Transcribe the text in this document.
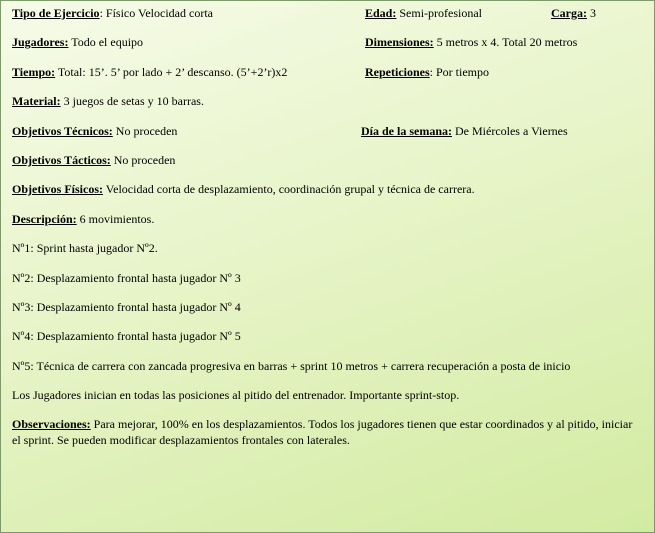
Tipo de Ejercicio: Físico Velocidad corta	Edad: Semi-profesional	Carga: 3
Jugadores: Todo el equipo	Dimensiones: 5 metros x 4. Total 20 metros
Tiempo: Total: 15’. 5’ por lado + 2’ descanso. (5’+2’r)x2	Repeticiones: Por tiempo
Material: 3 juegos de setas y 10 barras.
Objetivos Técnicos: No proceden	Día de la semana: De Miércoles a Viernes
Objetivos Tácticos: No proceden
Objetivos Físicos: Velocidad corta de desplazamiento, coordinación grupal y técnica de carrera.
Descripción: 6 movimientos.
Nº1: Sprint hasta jugador Nº2.
Nº2: Desplazamiento frontal hasta jugador Nº 3
Nº3: Desplazamiento frontal hasta jugador Nº 4
Nº4: Desplazamiento frontal hasta jugador Nº 5
Nº5: Técnica de carrera con zancada progresiva en barras + sprint 10 metros + carrera recuperación a posta de inicio
Los Jugadores inician en todas las posiciones al pitido del entrenador. Importante sprint-stop.
Observaciones: Para mejorar, 100% en los desplazamientos. Todos los jugadores tienen que estar coordinados y al pitido, iniciar el sprint. Se pueden modificar desplazamientos frontales con laterales.
